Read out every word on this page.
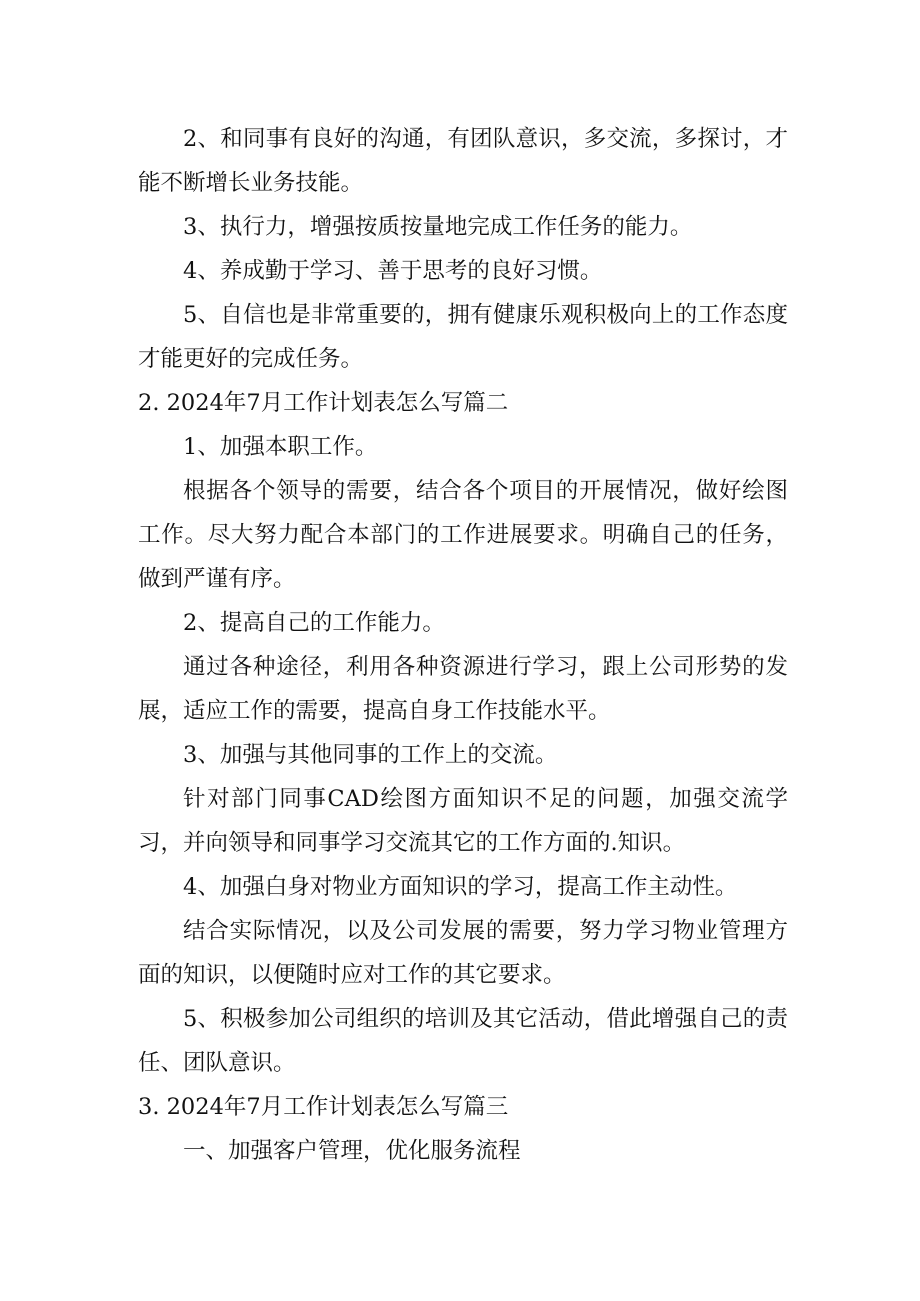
2、和同事有良好的沟通，有团队意识，多交流，多探讨，才能不断增长业务技能。

3、执行力，增强按质按量地完成工作任务的能力。

4、养成勤于学习、善于思考的良好习惯。

5、自信也是非常重要的，拥有健康乐观积极向上的工作态度才能更好的完成任务。

2. 2024年7月工作计划表怎么写篇二

1、加强本职工作。

根据各个领导的需要，结合各个项目的开展情况，做好绘图工作。尽大努力配合本部门的工作进展要求。明确自己的任务，做到严谨有序。

2、提高自己的工作能力。

通过各种途径，利用各种资源进行学习，跟上公司形势的发展，适应工作的需要，提高自身工作技能水平。

3、加强与其他同事的工作上的交流。

针对部门同事CAD绘图方面知识不足的问题，加强交流学习，并向领导和同事学习交流其它的工作方面的.知识。

4、加强白身对物业方面知识的学习，提高工作主动性。

结合实际情况，以及公司发展的需要，努力学习物业管理方面的知识，以便随时应对工作的其它要求。

5、积极参加公司组织的培训及其它活动，借此增强自己的责任、团队意识。

3. 2024年7月工作计划表怎么写篇三

一、加强客户管理，优化服务流程
